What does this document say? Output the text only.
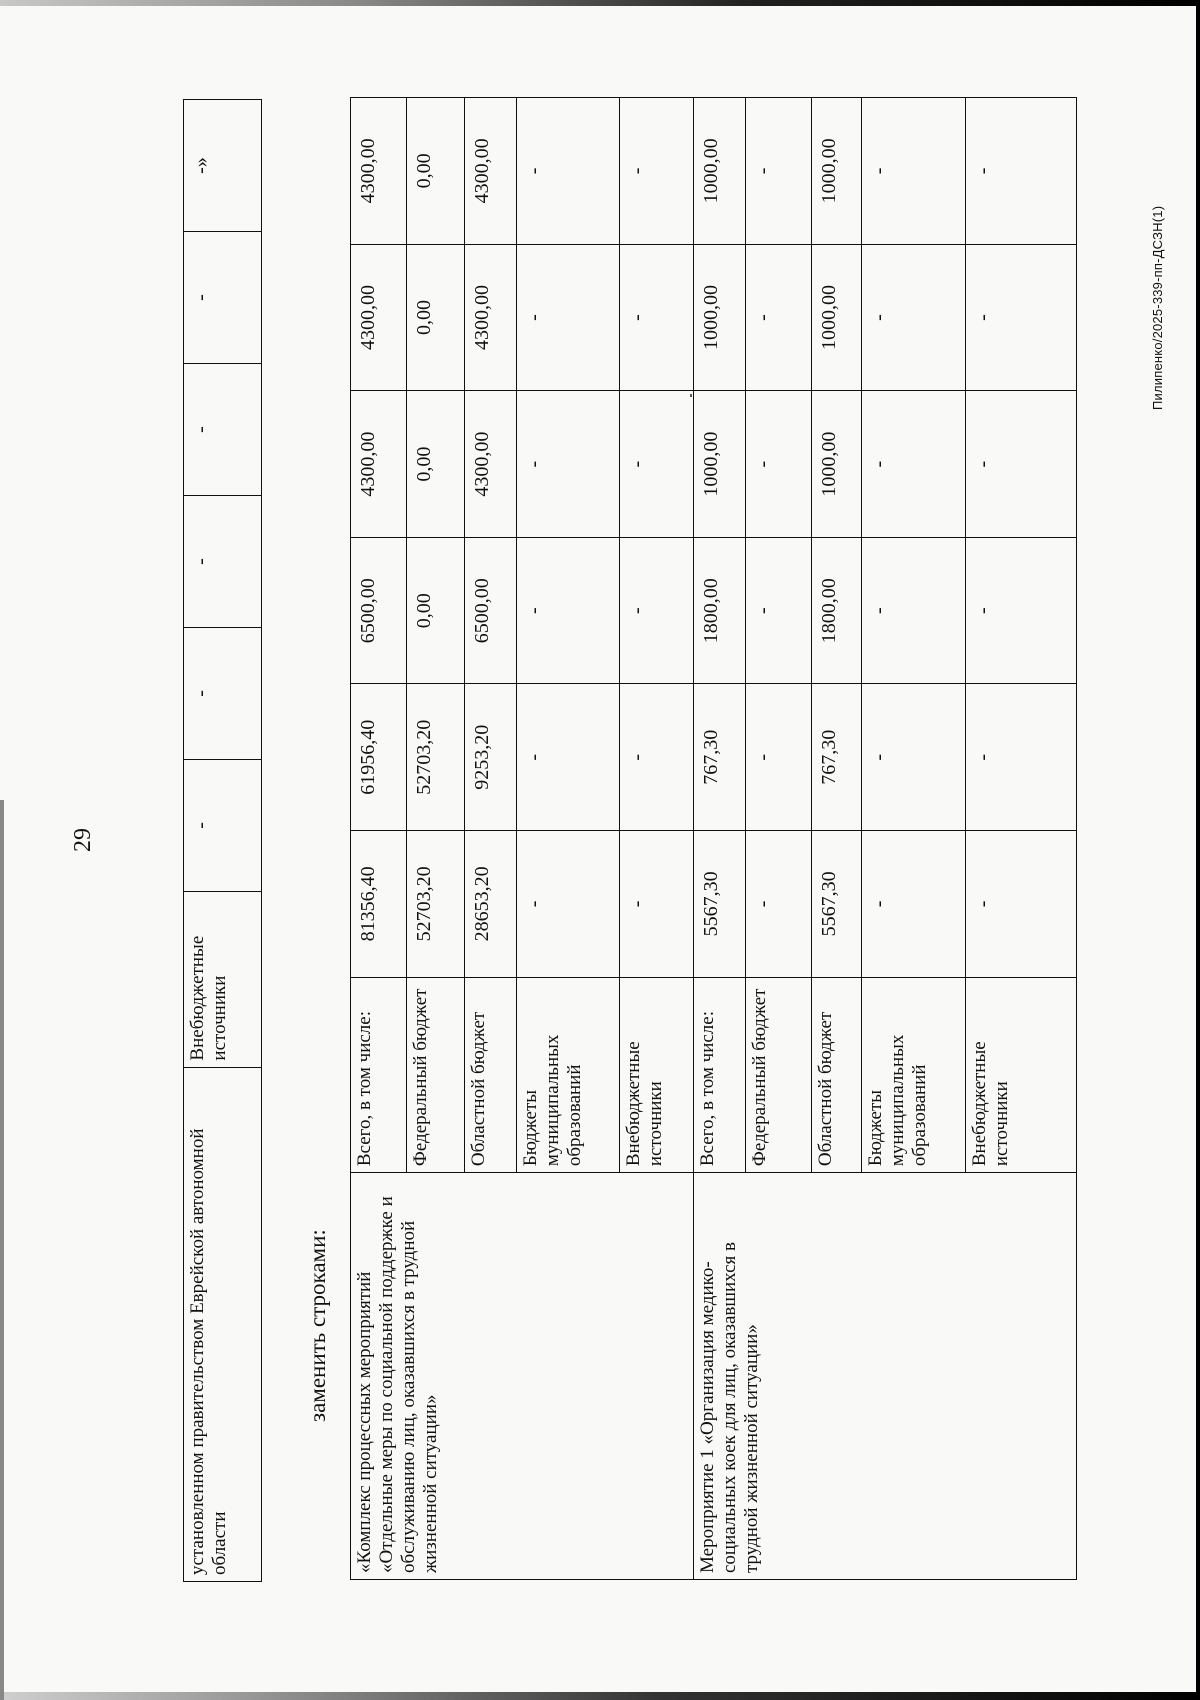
29
установленном правительством Еврейской автономной области	Внебюджетные источники	-	-	-	-	-	-»
заменить строками: «Комплекс процессных мероприятий «Отдельные меры по социальной поддержке и обслуживанию лиц, оказавшихся в трудной жизненной ситуации»	Всего, в том числе:	81356,40	61956,40	6500,00	4300,00	4300,00	4300,00
	Федеральный бюджет	52703,20	52703,20	0,00	0,00	0,00	0,00
	Областной бюджет	28653,20	9253,20	6500,00	4300,00	4300,00	4300,00
	Бюджеты муниципальных образований	-	-	-	-	-	-
	Внебюджетные источники	-	-	-	-	-	-
Мероприятие 1 «Организация медико-социальных коек для лиц, оказавшихся в трудной жизненной ситуации»	Всего, в том числе:	5567,30	767,30	1800,00	1000,00	1000,00	1000,00
	Федеральный бюджет	-	-	-	-	-	-
	Областной бюджет	5567,30	767,30	1800,00	1000,00	1000,00	1000,00
	Бюджеты муниципальных образований	-	-	-	-	-	-
	Внебюджетные источники	-	-	-	-	-	-
Пилипенко/2025-339-пп-ДСЗН(1)
